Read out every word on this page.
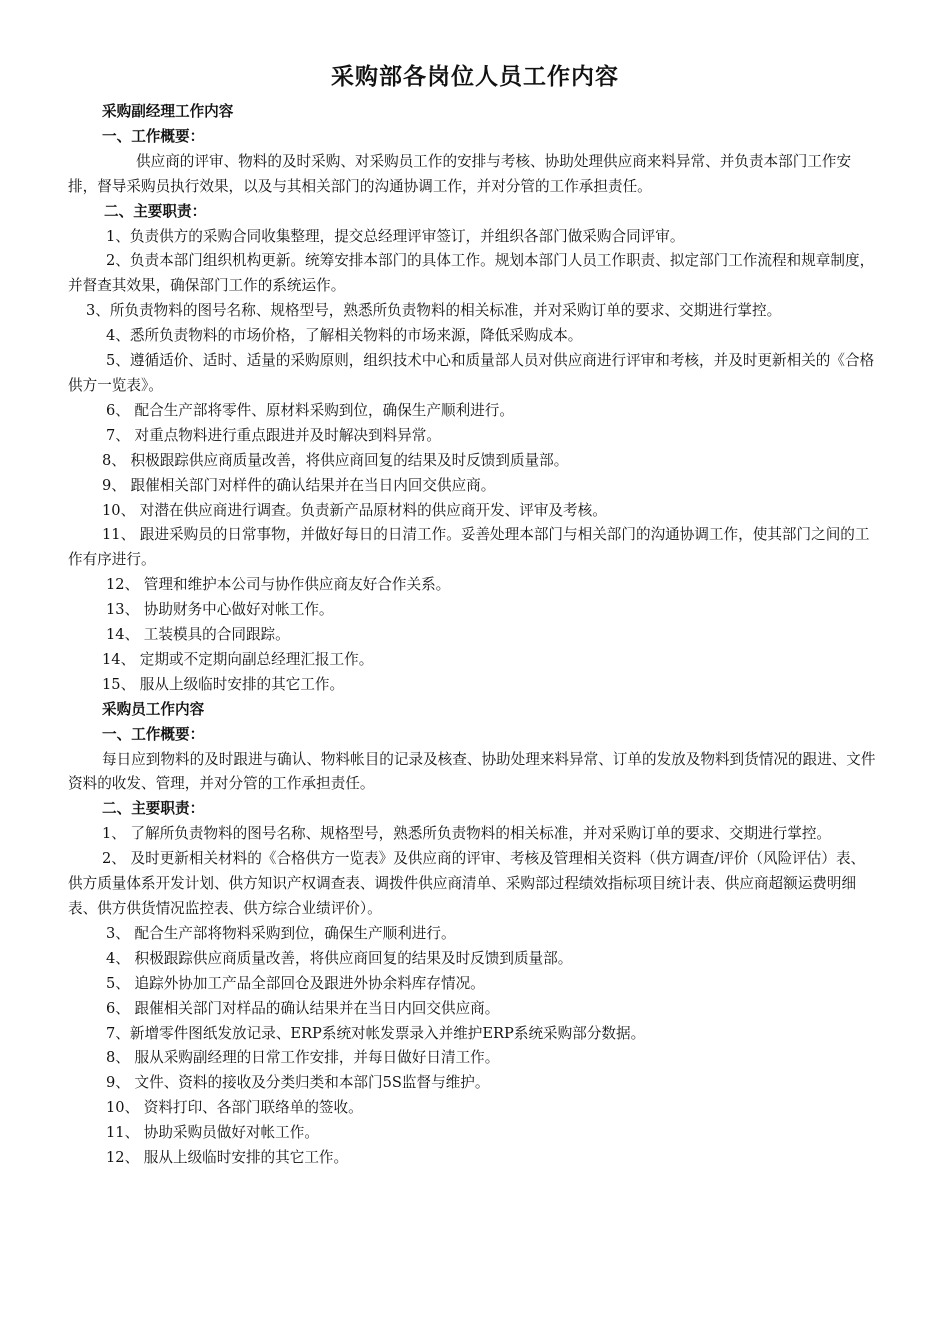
采购部各岗位人员工作内容

采购副经理工作内容

一、工作概要：

供应商的评审、物料的及时采购、对采购员工作的安排与考核、协助处理供应商来料异常、并负责本部门工作安排，督导采购员执行效果，以及与其相关部门的沟通协调工作，并对分管的工作承担责任。

二、主要职责：

1、负责供方的采购合同收集整理，提交总经理评审签订，并组织各部门做采购合同评审。

2、负责本部门组织机构更新。统筹安排本部门的具体工作。规划本部门人员工作职责、拟定部门工作流程和规章制度，并督查其效果，确保部门工作的系统运作。

3、所负责物料的图号名称、规格型号，熟悉所负责物料的相关标准，并对采购订单的要求、交期进行掌控。

4、悉所负责物料的市场价格，了解相关物料的市场来源，降低采购成本。

5、遵循适价、适时、适量的采购原则，组织技术中心和质量部人员对供应商进行评审和考核，并及时更新相关的《合格供方一览表》。

6、 配合生产部将零件、原材料采购到位，确保生产顺利进行。

7、 对重点物料进行重点跟进并及时解决到料异常。

8、 积极跟踪供应商质量改善，将供应商回复的结果及时反馈到质量部。

9、 跟催相关部门对样件的确认结果并在当日内回交供应商。

10、 对潜在供应商进行调查。负责新产品原材料的供应商开发、评审及考核。

11、 跟进采购员的日常事物，并做好每日的日清工作。妥善处理本部门与相关部门的沟通协调工作，使其部门之间的工作有序进行。

12、 管理和维护本公司与协作供应商友好合作关系。

13、 协助财务中心做好对帐工作。

14、 工装模具的合同跟踪。

14、 定期或不定期向副总经理汇报工作。

15、 服从上级临时安排的其它工作。

采购员工作内容

一、工作概要：

每日应到物料的及时跟进与确认、物料帐目的记录及核查、协助处理来料异常、订单的发放及物料到货情况的跟进、文件资料的收发、管理，并对分管的工作承担责任。

二、主要职责：

1、 了解所负责物料的图号名称、规格型号，熟悉所负责物料的相关标准，并对采购订单的要求、交期进行掌控。

2、 及时更新相关材料的《合格供方一览表》及供应商的评审、考核及管理相关资料（供方调查/评价（风险评估）表、供方质量体系开发计划、供方知识产权调查表、调拨件供应商清单、采购部过程绩效指标项目统计表、供应商超额运费明细表、供方供货情况监控表、供方综合业绩评价）。

3、 配合生产部将物料采购到位，确保生产顺利进行。

4、 积极跟踪供应商质量改善，将供应商回复的结果及时反馈到质量部。

5、 追踪外协加工产品全部回仓及跟进外协余料库存情况。

6、 跟催相关部门对样品的确认结果并在当日内回交供应商。

7、新增零件图纸发放记录、ERP系统对帐发票录入并维护ERP系统采购部分数据。

8、 服从采购副经理的日常工作安排，并每日做好日清工作。

9、 文件、资料的接收及分类归类和本部门5S监督与维护。

10、 资料打印、各部门联络单的签收。

11、 协助采购员做好对帐工作。

12、 服从上级临时安排的其它工作。
